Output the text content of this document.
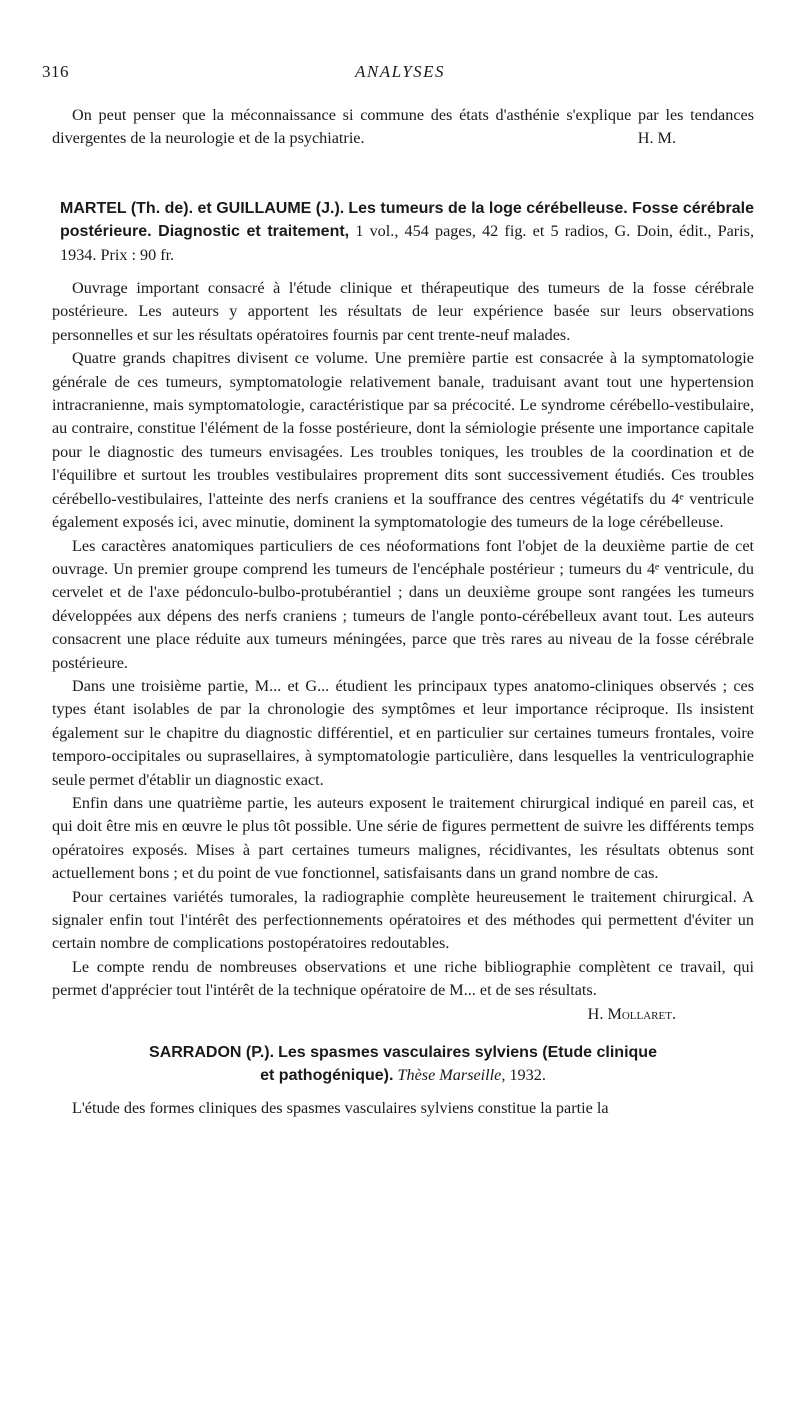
316	ANALYSES

On peut penser que la méconnaissance si commune des états d'asthénie s'explique par les tendances divergentes de la neurologie et de la psychiatrie.	H. M.

MARTEL (Th. de). et GUILLAUME (J.). Les tumeurs de la loge cérébelleuse. Fosse cérébrale postérieure. Diagnostic et traitement, 1 vol., 454 pages, 42 fig. et 5 radios, G. Doin, édit., Paris, 1934. Prix : 90 fr.

Ouvrage important consacré à l'étude clinique et thérapeutique des tumeurs de la fosse cérébrale postérieure. Les auteurs y apportent les résultats de leur expérience basée sur leurs observations personnelles et sur les résultats opératoires fournis par cent trente-neuf malades.

Quatre grands chapitres divisent ce volume. Une première partie est consacrée à la symptomatologie générale de ces tumeurs, symptomatologie relativement banale, traduisant avant tout une hypertension intracranienne, mais symptomatologie, caractéristique par sa précocité. Le syndrome cérébello-vestibulaire, au contraire, constitue l'élément de la fosse postérieure, dont la sémiologie présente une importance capitale pour le diagnostic des tumeurs envisagées. Les troubles toniques, les troubles de la coordination et de l'équilibre et surtout les troubles vestibulaires proprement dits sont successivement étudiés. Ces troubles cérébello-vestibulaires, l'atteinte des nerfs craniens et la souffrance des centres végétatifs du 4ᵉ ventricule également exposés ici, avec minutie, dominent la symptomatologie des tumeurs de la loge cérébelleuse.

Les caractères anatomiques particuliers de ces néoformations font l'objet de la deuxième partie de cet ouvrage. Un premier groupe comprend les tumeurs de l'encéphale postérieur ; tumeurs du 4ᵉ ventricule, du cervelet et de l'axe pédonculo-bulbo-protubérantiel ; dans un deuxième groupe sont rangées les tumeurs développées aux dépens des nerfs craniens ; tumeurs de l'angle ponto-cérébelleux avant tout. Les auteurs consacrent une place réduite aux tumeurs méningées, parce que très rares au niveau de la fosse cérébrale postérieure.

Dans une troisième partie, M... et G... étudient les principaux types anatomo-cliniques observés ; ces types étant isolables de par la chronologie des symptômes et leur importance réciproque. Ils insistent également sur le chapitre du diagnostic différentiel, et en particulier sur certaines tumeurs frontales, voire temporo-occipitales ou suprasellaires, à symptomatologie particulière, dans lesquelles la ventriculographie seule permet d'établir un diagnostic exact.

Enfin dans une quatrième partie, les auteurs exposent le traitement chirurgical indiqué en pareil cas, et qui doit être mis en œuvre le plus tôt possible. Une série de figures permettent de suivre les différents temps opératoires exposés. Mises à part certaines tumeurs malignes, récidivantes, les résultats obtenus sont actuellement bons ; et du point de vue fonctionnel, satisfaisants dans un grand nombre de cas.

Pour certaines variétés tumorales, la radiographie complète heureusement le traitement chirurgical. A signaler enfin tout l'intérêt des perfectionnements opératoires et des méthodes qui permettent d'éviter un certain nombre de complications postopératoires redoutables.

Le compte rendu de nombreuses observations et une riche bibliographie complètent ce travail, qui permet d'apprécier tout l'intérêt de la technique opératoire de M... et de ses résultats.
H. Mollaret.

SARRADON (P.). Les spasmes vasculaires sylviens (Etude clinique

et pathogénique). Thèse Marseille, 1932.

L'étude des formes cliniques des spasmes vasculaires sylviens constitue la partie la
